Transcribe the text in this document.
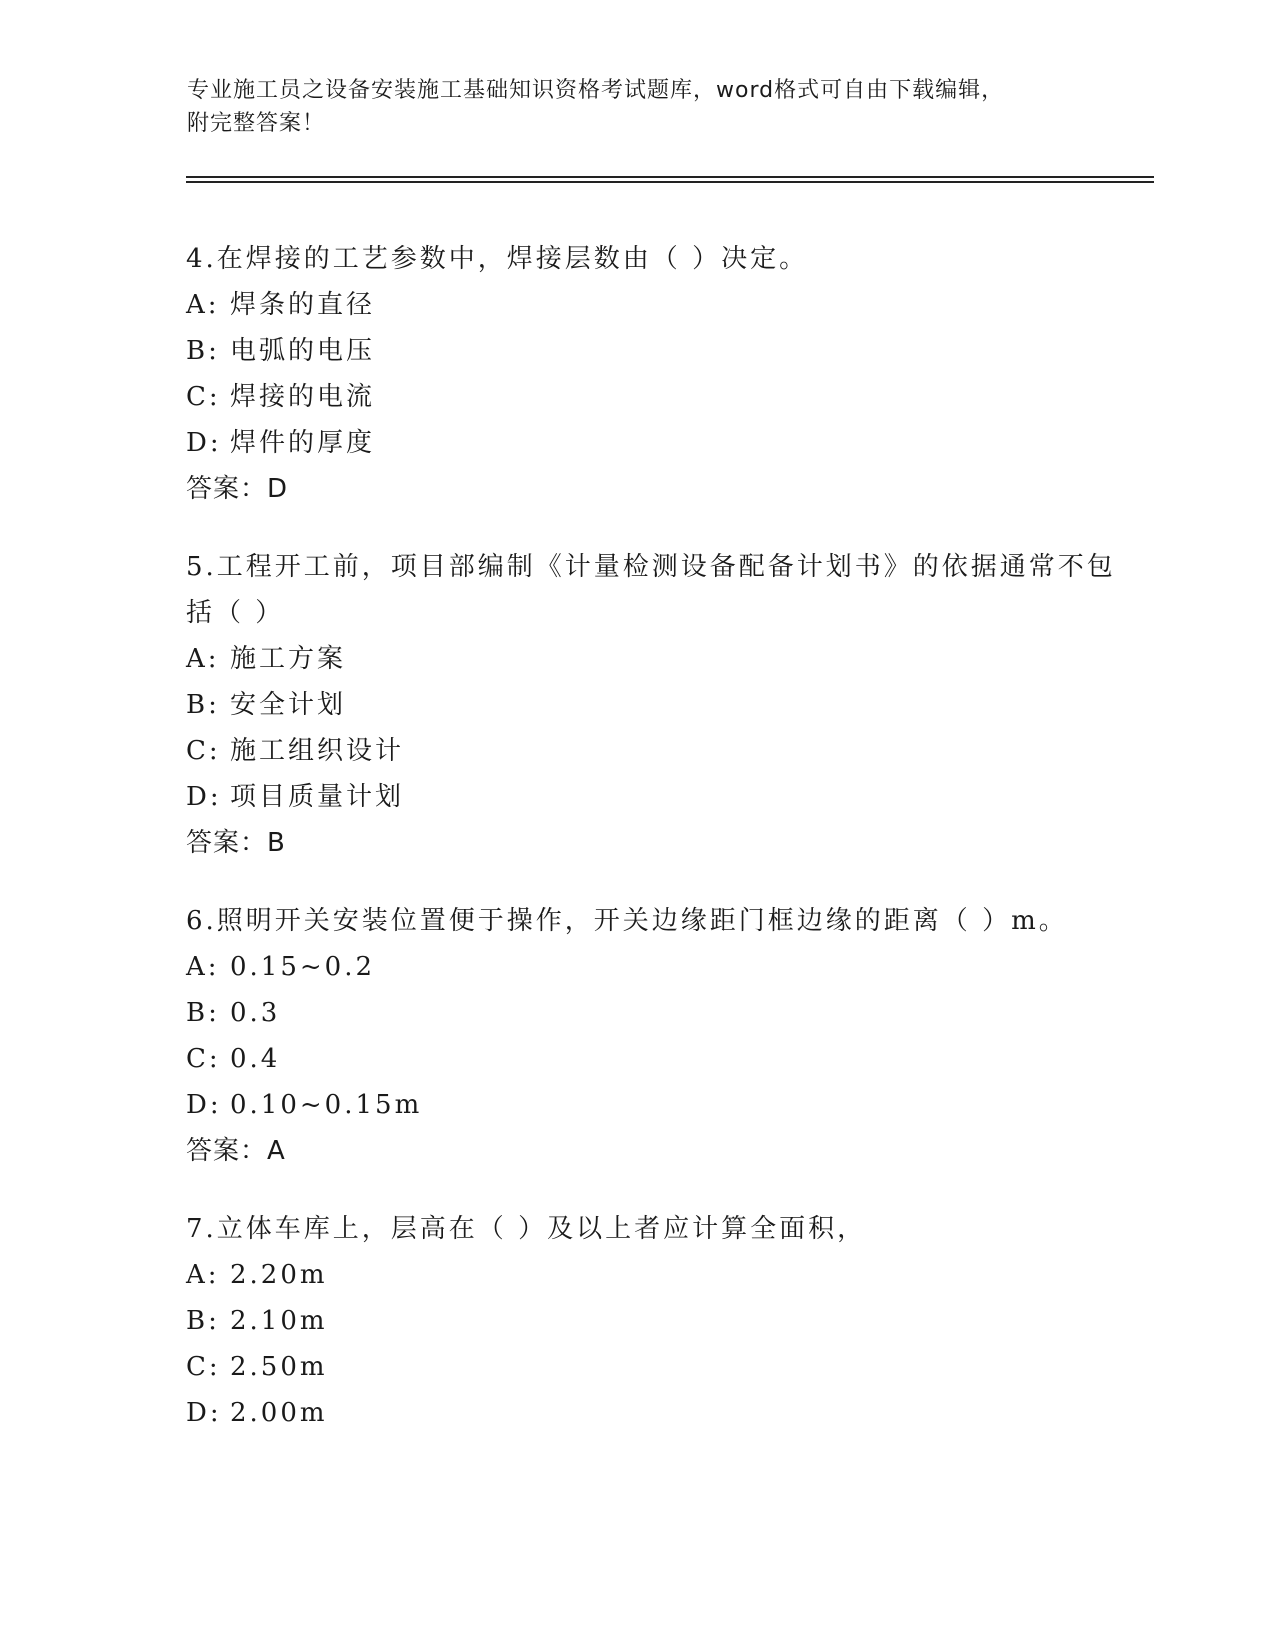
专业施工员之设备安装施工基础知识资格考试题库，word格式可自由下载编辑，
附完整答案！
4.在焊接的工艺参数中，焊接层数由（ ）决定。
A: 焊条的直径
B: 电弧的电压
C: 焊接的电流
D: 焊件的厚度
答案：D
5.工程开工前，项目部编制《计量检测设备配备计划书》的依据通常不包括（ ）
A: 施工方案
B: 安全计划
C: 施工组织设计
D: 项目质量计划
答案：B
6.照明开关安装位置便于操作，开关边缘距门框边缘的距离（ ）m。
A: 0.15~0.2
B: 0.3
C: 0.4
D: 0.10~0.15m
答案：A
7.立体车库上，层高在（ ）及以上者应计算全面积，
A: 2.20m
B: 2.10m
C: 2.50m
D: 2.00m
